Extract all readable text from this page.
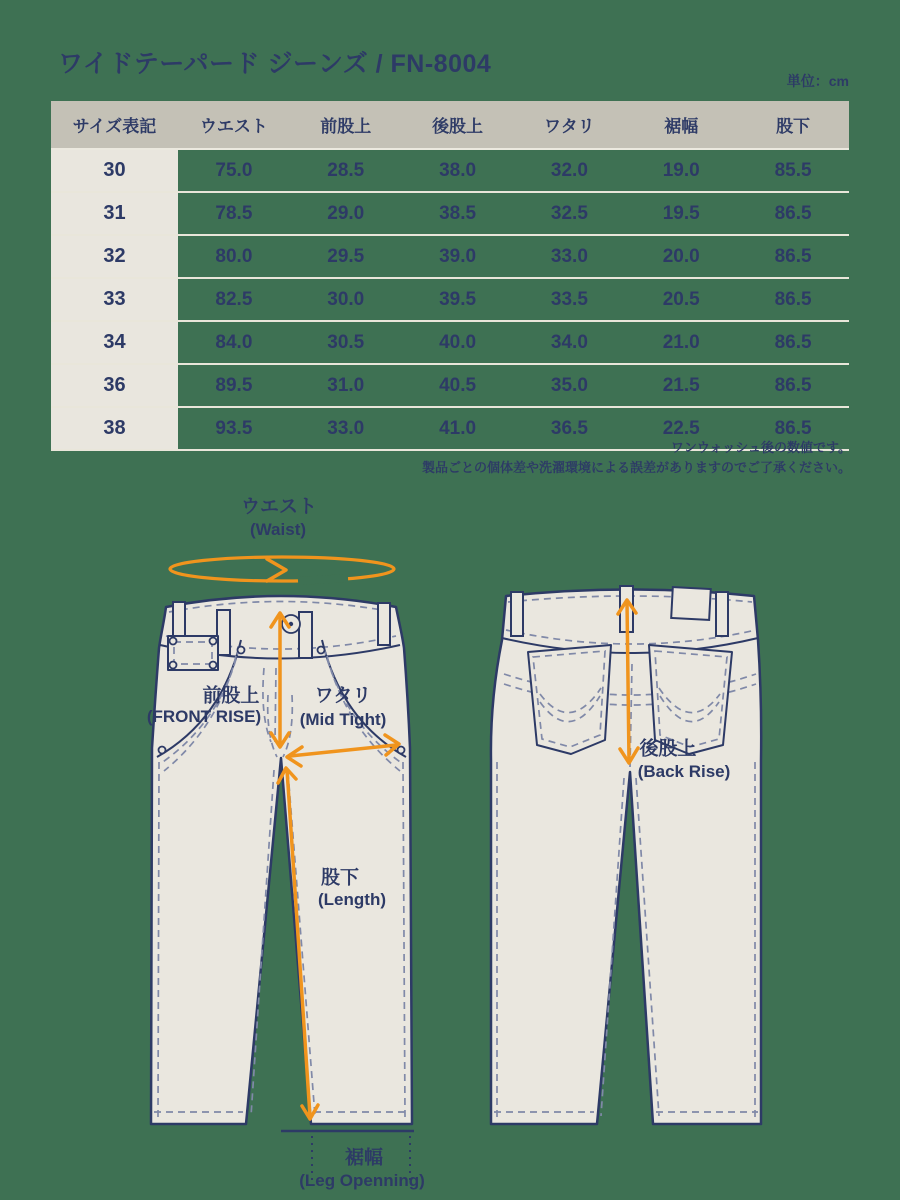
ワイドテーパード ジーンズ / FN-8004
単位：cm
サイズ表記	ウエスト	前股上	後股上	ワタリ	裾幅	股下
30	75.0	28.5	38.0	32.0	19.0	85.5
31	78.5	29.0	38.5	32.5	19.5	86.5
32	80.0	29.5	39.0	33.0	20.0	86.5
33	82.5	30.0	39.5	33.5	20.5	86.5
34	84.0	30.5	40.0	34.0	21.0	86.5
36	89.5	31.0	40.5	35.0	21.5	86.5
38	93.5	33.0	41.0	36.5	22.5	86.5
ワンウォッシュ後の数値です。
製品ごとの個体差や洗濯環境による誤差がありますのでご了承ください。
ウエスト
(Waist)
前股上
(FRONT RISE)
ワタリ
(Mid Tight)
股下
(Length)
裾幅
(Leg Openning)
後股上
(Back Rise)
